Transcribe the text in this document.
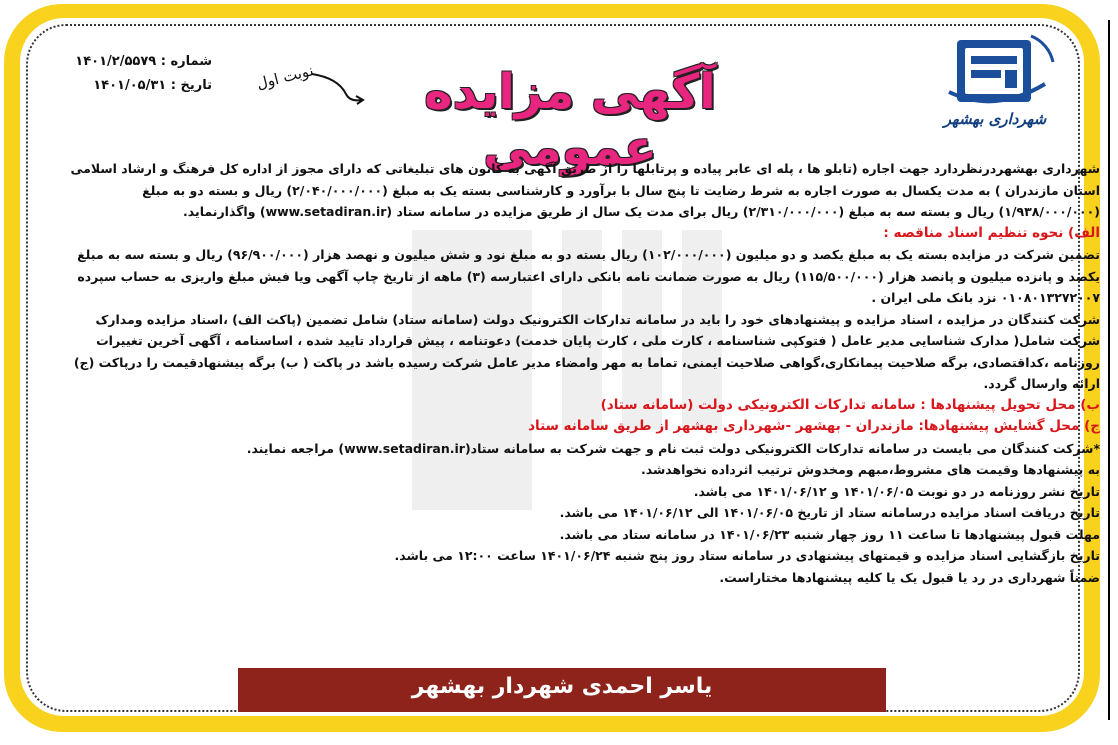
شهرداری بهشهر
آگهی مزایده عمومی
نوبت اول
شماره : ۱۴۰۱/۲/۵۵۷۹
تاریخ : ۱۴۰۱/۰۵/۳۱

شهرداری بهشهردرنظردارد جهت اجاره (تابلو ها ، پله ای عابر پیاده و پرتابلها را از طریق آگهی به کانون های تبلیغاتی که دارای مجوز از اداره کل فرهنگ و ارشاد اسلامی استان مازندران ) به مدت یکسال به صورت اجاره به شرط رضایت تا پنج سال با برآورد و کارشناسی بسته یک به مبلغ (۲/۰۴۰/۰۰۰/۰۰۰) ریال و بسته دو به مبلغ (۱/۹۳۸/۰۰۰/۰۰۰) ریال و بسته سه به مبلغ (۲/۳۱۰/۰۰۰/۰۰۰) ریال برای مدت یک سال از طریق مزایده در سامانه ستاد (www.setadiran.ir) واگذارنماید.

الف) نحوه تنظیم اسناد مناقصه :

تضمین شرکت در مزایده بسته یک به مبلغ یکصد و دو میلیون (۱۰۲/۰۰۰/۰۰۰) ریال بسته دو به مبلغ نود و شش میلیون و نهصد هزار (۹۶/۹۰۰/۰۰۰) ریال و بسته سه به مبلغ یکصد و پانزده میلیون و پانصد هزار (۱۱۵/۵۰۰/۰۰۰) ریال به صورت ضمانت نامه بانکی دارای اعتبارسه (۳) ماهه از تاریخ چاپ آگهی ویا فیش مبلغ واریزی به حساب سپرده ۰۱۰۸۰۱۳۲۷۲۰۰۷ نزد بانک ملی ایران .

شرکت کنندگان در مزایده ، اسناد مزایده و پیشنهادهای خود را باید در سامانه تدارکات الکترونیک دولت (سامانه ستاد) شامل تضمین (پاکت الف) ،اسناد مزایده ومدارک شرکت شامل( مدارک شناسایی مدیر عامل ( فتوکپی شناسنامه ، کارت ملی ، کارت پایان خدمت) دعوتنامه ، پیش قرارداد تایید شده ، اساسنامه ، آگهی آخرین تغییرات روزنامه ،کداقتصادی، برگه صلاحیت پیمانکاری،گواهی صلاحیت ایمنی، تماما به مهر وامضاء مدیر عامل شرکت رسیده باشد در پاکت ( ب) برگه پیشنهادقیمت را درپاکت (ج) ارائه وارسال گردد.

ب) محل تحویل پیشنهادها : سامانه تدارکات الکترونیکی دولت (سامانه ستاد)

ج) محل گشایش پیشنهادها: مازندران - بهشهر -شهرداری بهشهر از طریق سامانه ستاد

*شرکت کنندگان می بایست در سامانه تدارکات الکترونیکی دولت ثبت نام و جهت شرکت به سامانه ستاد(www.setadiran.ir) مراجعه نمایند.

به پیشنهادها وقیمت های مشروط،مبهم ومخدوش ترتیب اثرداده نخواهدشد.

تاریخ نشر روزنامه در دو نوبت ۱۴۰۱/۰۶/۰۵ و ۱۴۰۱/۰۶/۱۲ می باشد.

تاریخ دریافت اسناد مزایده درسامانه ستاد از تاریخ ۱۴۰۱/۰۶/۰۵ الی ۱۴۰۱/۰۶/۱۲ می باشد.

مهلت قبول پیشنهادها تا ساعت ۱۱ روز چهار شنبه ۱۴۰۱/۰۶/۲۳ در سامانه ستاد می باشد.

تاریخ بازگشایی اسناد مزایده و قیمتهای پیشنهادی در سامانه ستاد روز پنج شنبه ۱۴۰۱/۰۶/۲۴ ساعت ۱۲:۰۰ می باشد.

ضمناً شهرداری در رد یا قبول یک یا کلیه پیشنهادها مختاراست.

یاسر احمدی شهردار بهشهر
